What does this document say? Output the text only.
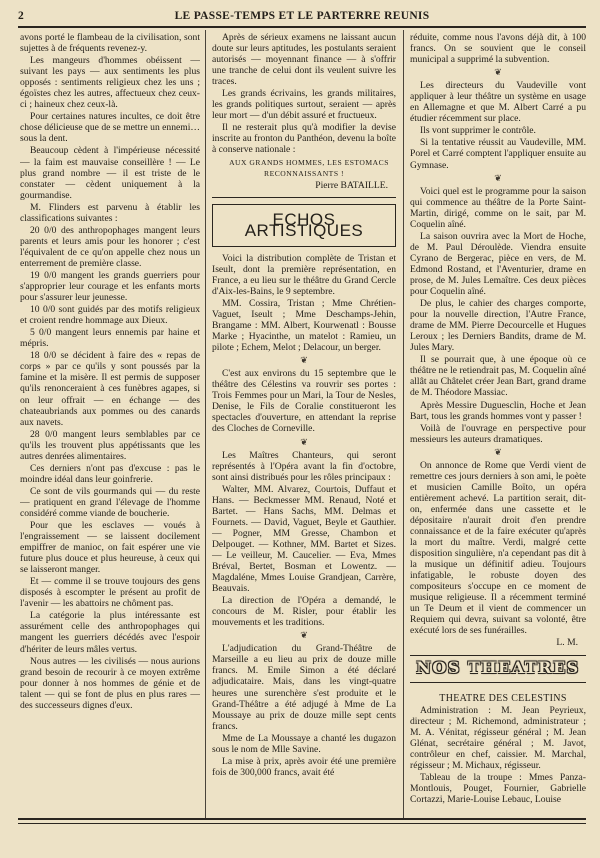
2	LE PASSE-TEMPS ET LE PARTERRE REUNIS

avons porté le flambeau de la civilisation, sont sujettes à de fréquents revenez-y.

Les mangeurs d'hommes obéissent — suivant les pays — aux sentiments les plus opposés : sentiments religieux chez les uns ; égoïstes chez les autres, affectueux chez ceux-ci ; haineux chez ceux-là.

Pour certaines natures incultes, ce doit être chose délicieuse que de se mettre un ennemi… sous la dent.

Beaucoup cèdent à l'impérieuse nécessité — la faim est mauvaise conseillère ! — Le plus grand nombre — il est triste de le constater — cèdent uniquement à la gourmandise.

M. Flinders est parvenu à établir les classifications suivantes :

20 0/0 des anthropophages mangent leurs parents et leurs amis pour les honorer ; c'est l'équivalent de ce qu'on appelle chez nous un enterrement de première classe.

19 0/0 mangent les grands guerriers pour s'approprier leur courage et les enfants morts pour s'assurer leur jeunesse.

10 0/0 sont guidés par des motifs religieux et croient rendre hommage aux Dieux.

5 0/0 mangent leurs ennemis par haine et mépris.

18 0/0 se décident à faire des « repas de corps » par ce qu'ils y sont poussés par la famine et la misère. Il est permis de supposer qu'ils renonceraient à ces funèbres agapes, si on leur offrait — en échange — des chateaubriands aux pommes ou des canards aux navets.

28 0/0 mangent leurs semblables par ce qu'ils les trouvent plus appétissants que les autres denrées alimentaires.

Ces derniers n'ont pas d'excuse : pas le moindre idéal dans leur goinfrerie.

Ce sont de vils gourmands qui — du reste — pratiquent en grand l'élevage de l'homme considéré comme viande de boucherie.

Pour que les esclaves — voués à l'engraissement — se laissent docilement empiffrer de manioc, on fait espérer une vie future plus douce et plus heureuse, à ceux qui se laisseront manger.

Et — comme il se trouve toujours des gens disposés à escompter le présent au profit de l'avenir — les abattoirs ne chôment pas.

La catégorie la plus intéressante est assurément celle des anthropophages qui mangent les guerriers décédés avec l'espoir d'hériter de leurs mâles vertus.

Nous autres — les civilisés — nous aurions grand besoin de recourir à ce moyen extrême pour donner à nos hommes de génie et de talent — qui se font de plus en plus rares — des successeurs dignes d'eux.

Après de sérieux examens ne laissant aucun doute sur leurs aptitudes, les postulants seraient autorisés — moyennant finance — à s'offrir une tranche de celui dont ils veulent suivre les traces.

Les grands écrivains, les grands militaires, les grands politiques surtout, seraient — après leur mort — d'un débit assuré et fructueux.

Il ne resterait plus qu'à modifier la devise inscrite au fronton du Panthéon, devenu la boîte à conserve nationale :

AUX GRANDS HOMMES, LES ESTOMACS RECONNAISSANTS !

Pierre BATAILLE.

ECHOS ARTISTIQUES

Voici la distribution complète de Tristan et Iseult, dont la première représentation, en France, a eu lieu sur le théâtre du Grand Cercle d'Aix-les-Bains, le 9 septembre.

MM. Cossira, Tristan ; Mme Chrétien-Vaguet, Iseult ; Mme Deschamps-Jehin, Brangame : MM. Albert, Kourwenatl : Bousse Marke ; Hyacinthe, un matelot : Ramieu, un pilote ; Echem, Melot ; Delacour, un berger.

❦

C'est aux environs du 15 septembre que le théâtre des Célestins va rouvrir ses portes : Trois Femmes pour un Mari, la Tour de Nesles, Denise, le Fils de Coralie constitueront les spectacles d'ouverture, en attendant la reprise des Cloches de Corneville.

❦

Les Maîtres Chanteurs, qui seront représentés à l'Opéra avant la fin d'octobre, sont ainsi distribués pour les rôles principaux :

Walter, MM. Alvarez, Courtois, Duffaut et Hans. — Beckmesser MM. Renaud, Noté et Bartet. — Hans Sachs, MM. Delmas et Fournets. — David, Vaguet, Beyle et Gauthier. — Pogner, MM Gresse, Chambon et Delpouget. — Kothner, MM. Bartet et Sizes. — Le veilleur, M. Caucelier. — Eva, Mmes Bréval, Bertet, Bosman et Lowentz. — Magdaléne, Mmes Louise Grandjean, Carrère, Beauvais.

La direction de l'Opéra a demandé, le concours de M. Risler, pour établir les mouvements et les traditions.

❦

L'adjudication du Grand-Théâtre de Marseille a eu lieu au prix de douze mille francs. M. Emile Simon a été déclaré adjudicataire. Mais, dans les vingt-quatre heures une surenchère s'est produite et le Grand-Théâtre a été adjugé à Mme de La Moussaye au prix de douze mille sept cents francs.

Mme de La Moussaye a chanté les dugazon sous le nom de Mlle Savine.

La mise à prix, après avoir été une première fois de 300,000 francs, avait été

réduite, comme nous l'avons déjà dit, à 100 francs. On se souvient que le conseil municipal a supprimé la subvention.

❦

Les directeurs du Vaudeville vont appliquer à leur théâtre un système en usage en Allemagne et que M. Albert Carré a pu étudier récemment sur place.

Ils vont supprimer le contrôle.

Si la tentative réussit au Vaudeville, MM. Porel et Carré comptent l'appliquer ensuite au Gymnase.

❦

Voici quel est le programme pour la saison qui commence au théâtre de la Porte Saint-Martin, dirigé, comme on le sait, par M. Coquelin aîné.

La saison ouvrira avec la Mort de Hoche, de M. Paul Déroulède. Viendra ensuite Cyrano de Bergerac, pièce en vers, de M. Edmond Rostand, et l'Aventurier, drame en prose, de M. Jules Lemaître. Ces deux pièces pour Coquelin aîné.

De plus, le cahier des charges comporte, pour la nouvelle direction, l'Autre France, drame de MM. Pierre Decourcelle et Hugues Leroux ; les Derniers Bandits, drame de M. Jules Mary.

Il se pourrait que, à une époque où ce théâtre ne le retiendrait pas, M. Coquelin aîné allât au Châtelet créer Jean Bart, grand drame de M. Théodore Massiac.

Après Messire Duguesclin, Hoche et Jean Bart, tous les grands hommes vont y passer !

Voilà de l'ouvrage en perspective pour messieurs les auteurs dramatiques.

❦

On annonce de Rome que Verdi vient de remettre ces jours derniers à son ami, le poète et musicien Camille Boïto, un opéra entièrement achevé. La partition serait, dit-on, enfermée dans une cassette et le dépositaire n'aurait droit d'en prendre connaissance et de la faire exécuter qu'après la mort du maître. Verdi, malgré cette disposition singulière, n'a cependant pas dit à la musique un définitif adieu. Toujours infatigable, le robuste doyen des compositeurs s'occupe en ce moment de musique religieuse. Il a récemment terminé un Te Deum et il vient de commencer un Requiem qui devra, suivant sa volonté, être exécuté lors de ses funérailles.

L. M.

NOS THEATRES

THEATRE DES CELESTINS

Administration : M. Jean Peyrieux, directeur ; M. Richemond, administrateur ; M. A. Vénitat, régisseur général ; M. Jean Glénat, secrétaire général ; M. Javot, contrôleur en chef, caissier. M. Marchal, régisseur ; M. Michaux, régisseur.

Tableau de la troupe : Mmes Panza-Montlouis, Pouget, Fournier, Gabrielle Cortazzi, Marie-Louise Lebauc, Louise
